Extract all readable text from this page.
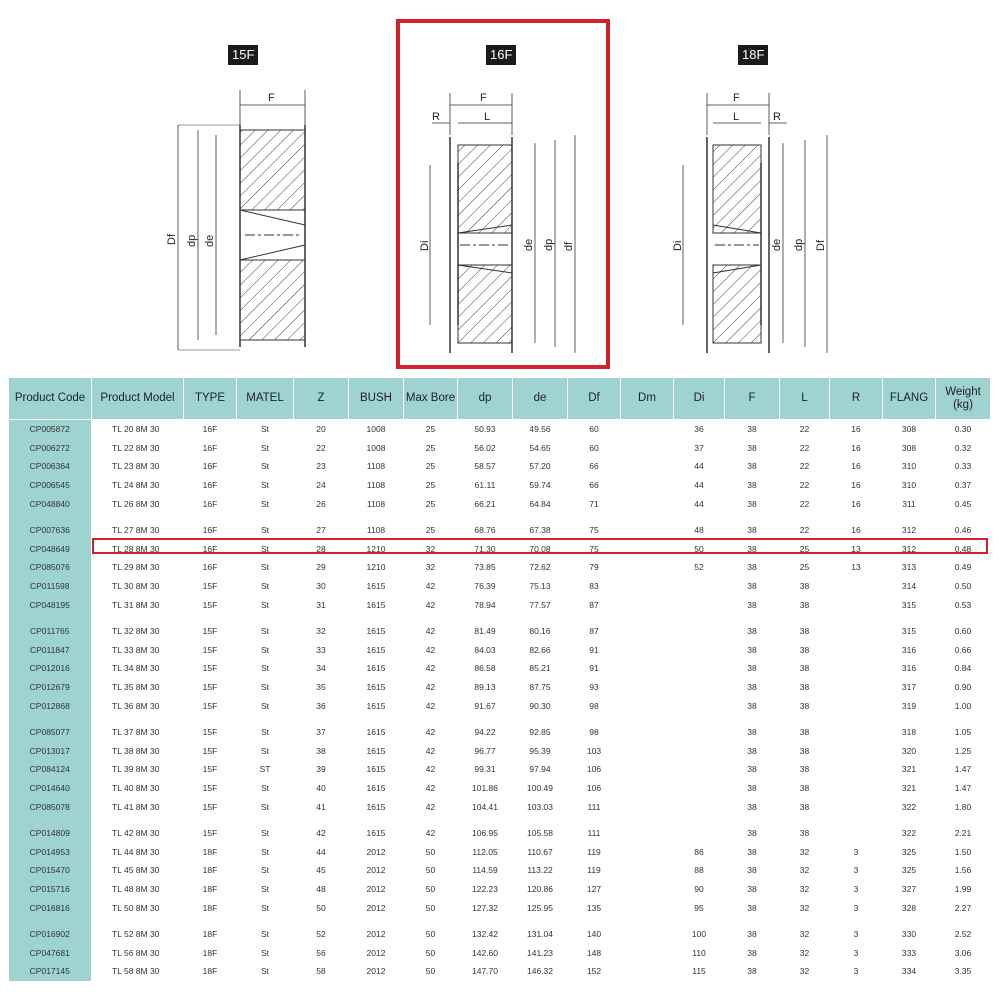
15F
F
Df dp de
16F
F
L
R
Di	de dp df
18F
F
L	R
Di	de dp Df
Product Code	Product Model	TYPE	MATEL	Z	BUSH	Max Bore	dp	de	Df	Dm	Di	F	L	R	FLANG	Weight (kg)
CP005872	TL 20 8M 30	16F	St	20	1008	25	50.93	49.56	60		36	38	22	16	308	0.30
CP006272	TL 22 8M 30	16F	St	22	1008	25	56.02	54.65	60		37	38	22	16	308	0.32
CP006364	TL 23 8M 30	16F	St	23	1108	25	58.57	57.20	66		44	38	22	16	310	0.33
CP006545	TL 24 8M 30	16F	St	24	1108	25	61.11	59.74	66		44	38	22	16	310	0.37
CP048840	TL 26 8M 30	16F	St	26	1108	25	66.21	64.84	71		44	38	22	16	311	0.45

CP007636	TL 27 8M 30	16F	St	27	1108	25	68.76	67.38	75		48	38	22	16	312	0.46
CP048649	TL 28 8M 30	16F	St	28	1210	32	71.30	70.08	75		50	38	25	13	312	0.48
CP085076	TL 29 8M 30	16F	St	29	1210	32	73.85	72.62	79		52	38	25	13	313	0.49
CP011598	TL 30 8M 30	15F	St	30	1615	42	76.39	75.13	83			38	38		314	0.50
CP048195	TL 31 8M 30	15F	St	31	1615	42	78.94	77.57	87			38	38		315	0.53

CP011765	TL 32 8M 30	15F	St	32	1615	42	81.49	80.16	87			38	38		315	0.60
CP011847	TL 33 8M 30	15F	St	33	1615	42	84.03	82.66	91			38	38		316	0.66
CP012016	TL 34 8M 30	15F	St	34	1615	42	86.58	85.21	91			38	38		316	0.84
CP012679	TL 35 8M 30	15F	St	35	1615	42	89.13	87.75	93			38	38		317	0.90
CP012868	TL 36 8M 30	15F	St	36	1615	42	91.67	90.30	98			38	38		319	1.00

CP085077	TL 37 8M 30	15F	St	37	1615	42	94.22	92.85	98			38	38		318	1.05
CP013017	TL 38 8M 30	15F	St	38	1615	42	96.77	95.39	103			38	38		320	1.25
CP084124	TL 39 8M 30	15F	ST	39	1615	42	99.31	97.94	106			38	38		321	1.47
CP014640	TL 40 8M 30	15F	St	40	1615	42	101.86	100.49	106			38	38		321	1.47
CP085078	TL 41 8M 30	15F	St	41	1615	42	104.41	103.03	111			38	38		322	1.80

CP014809	TL 42 8M 30	15F	St	42	1615	42	106.95	105.58	111			38	38		322	2.21
CP014953	TL 44 8M 30	18F	St	44	2012	50	112.05	110.67	119		86	38	32	3	325	1.50
CP015470	TL 45 8M 30	18F	St	45	2012	50	114.59	113.22	119		88	38	32	3	325	1.56
CP015716	TL 48 8M 30	18F	St	48	2012	50	122.23	120.86	127		90	38	32	3	327	1.99
CP016816	TL 50 8M 30	18F	St	50	2012	50	127.32	125.95	135		95	38	32	3	328	2.27

CP016902	TL 52 8M 30	18F	St	52	2012	50	132.42	131.04	140		100	38	32	3	330	2.52
CP047681	TL 56 8M 30	18F	St	56	2012	50	142.60	141.23	148		110	38	32	3	333	3.06
CP017145	TL 58 8M 30	18F	St	58	2012	50	147.70	146.32	152		115	38	32	3	334	3.35
